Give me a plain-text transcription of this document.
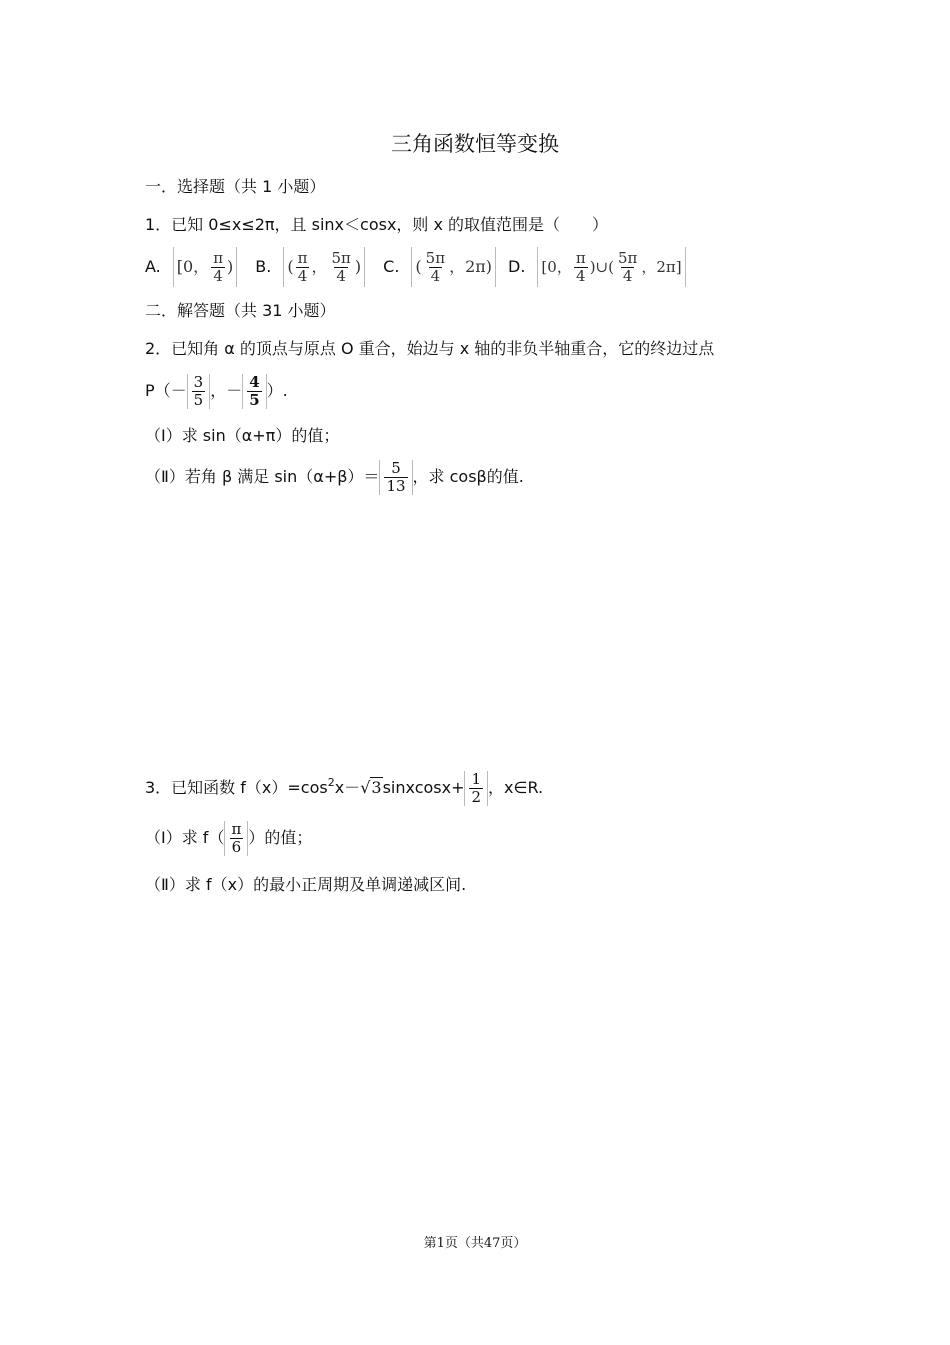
三角函数恒等变换
一．选择题（共 1 小题）
1．已知 0≤x≤2π，且 sinx＜cosx，则 x 的取值范围是（　　）
A. [0， $\frac{\pi}{4}$ ) B. ( $\frac{\pi}{4}$ ， $\frac{5\pi}{4}$ ) C. ( $\frac{5\pi}{4}$ ，2π) D. [0， $\frac{\pi}{4}$ )∪( $\frac{5\pi}{4}$ ，2π]
二．解答题（共 31 小题）
2．已知角 α 的顶点与原点 O 重合，始边与 x 轴的非负半轴重合，它的终边过点
$P(- \frac{3}{5}$ ，－ $\frac{4}{5}$ ）.
（Ⅰ）求 sin（α+π）的值；
（Ⅱ）若角 β 满足 $\sin(\alpha+\beta)= \frac{5}{13}$ ，求 cosβ的值.
3．已知函数 $f(x)=\cos^2$ x－ √3 sinxcosx+ $\frac{1}{2}$ ，x∈R.
（Ⅰ）求 $f( \frac{\pi}{6}$ ）的值；
（Ⅱ）求 f（x）的最小正周期及单调递减区间.
第1页（共47页）
